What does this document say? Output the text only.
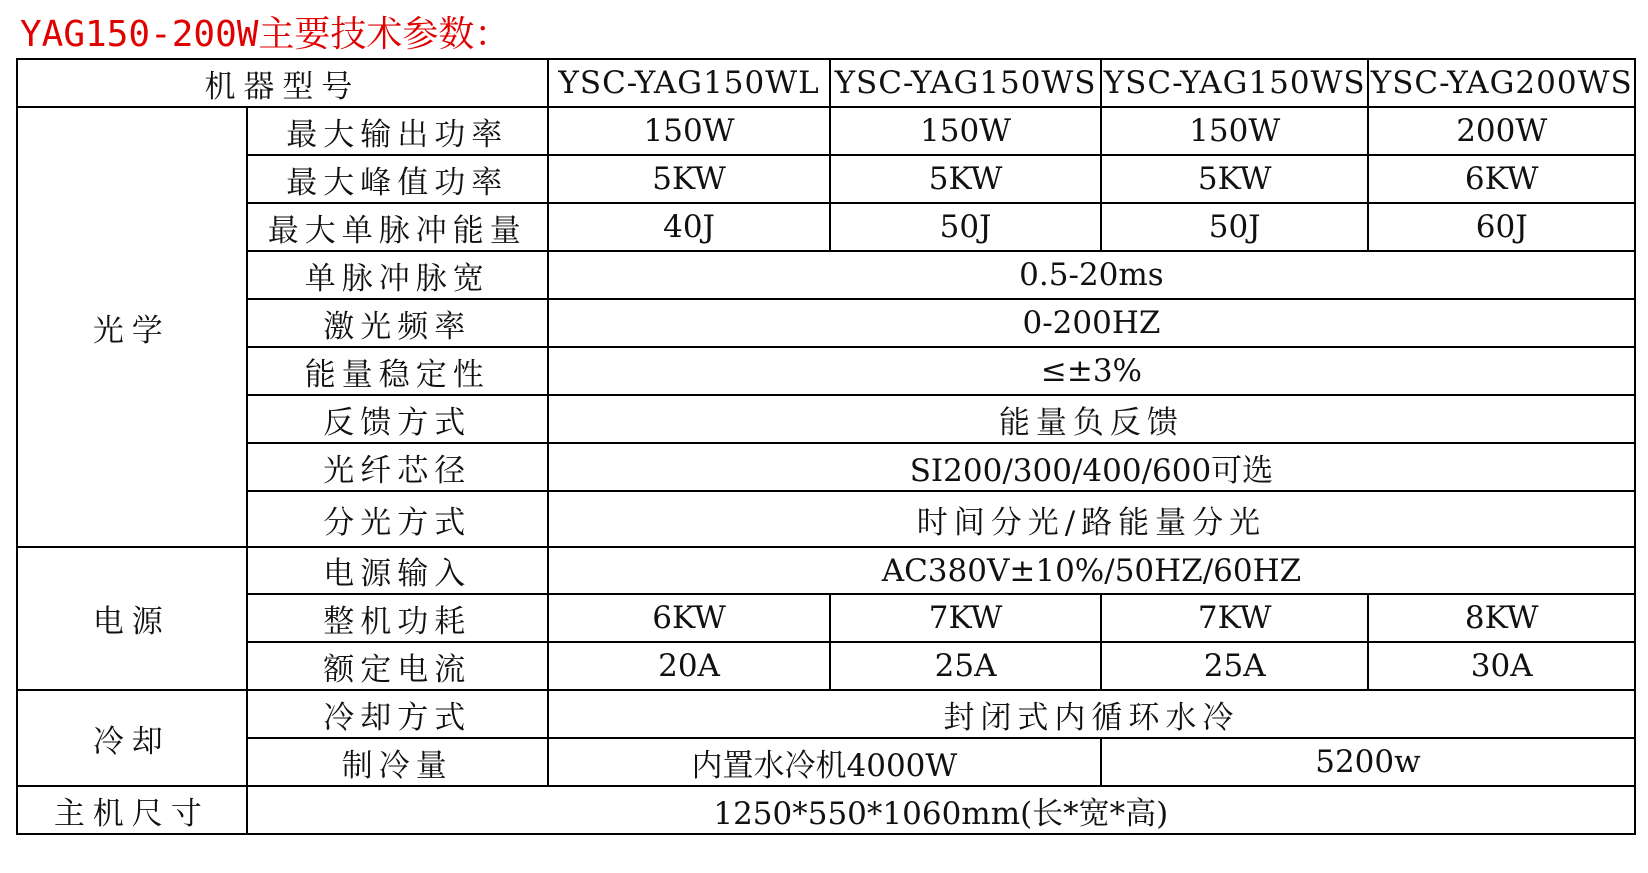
YAG150-200W主要技术参数：
机器型号		YSC-YAG150WL	YSC-YAG150WS	YSC-YAG150WS	YSC-YAG200WS
光学	最大输出功率	150W	150W	150W	200W
	最大峰值功率	5KW	5KW	5KW	6KW
	最大单脉冲能量	40J	50J	50J	60J
	单脉冲脉宽	0.5-20ms			
	激光频率	0-200HZ			
	能量稳定性	≤±3%			
	反馈方式	能量负反馈			
	光纤芯径	SI200/300/400/600可选			
	分光方式	时间分光/路能量分光			
电源	电源输入	AC380V±10%/50HZ/60HZ			
	整机功耗	6KW	7KW	7KW	8KW
	额定电流	20A	25A	25A	30A
冷却	冷却方式	封闭式内循环水冷			
	制冷量	内置水冷机4000W		5200w	
主机尺寸	1250*550*1060mm(长*宽*高)				
